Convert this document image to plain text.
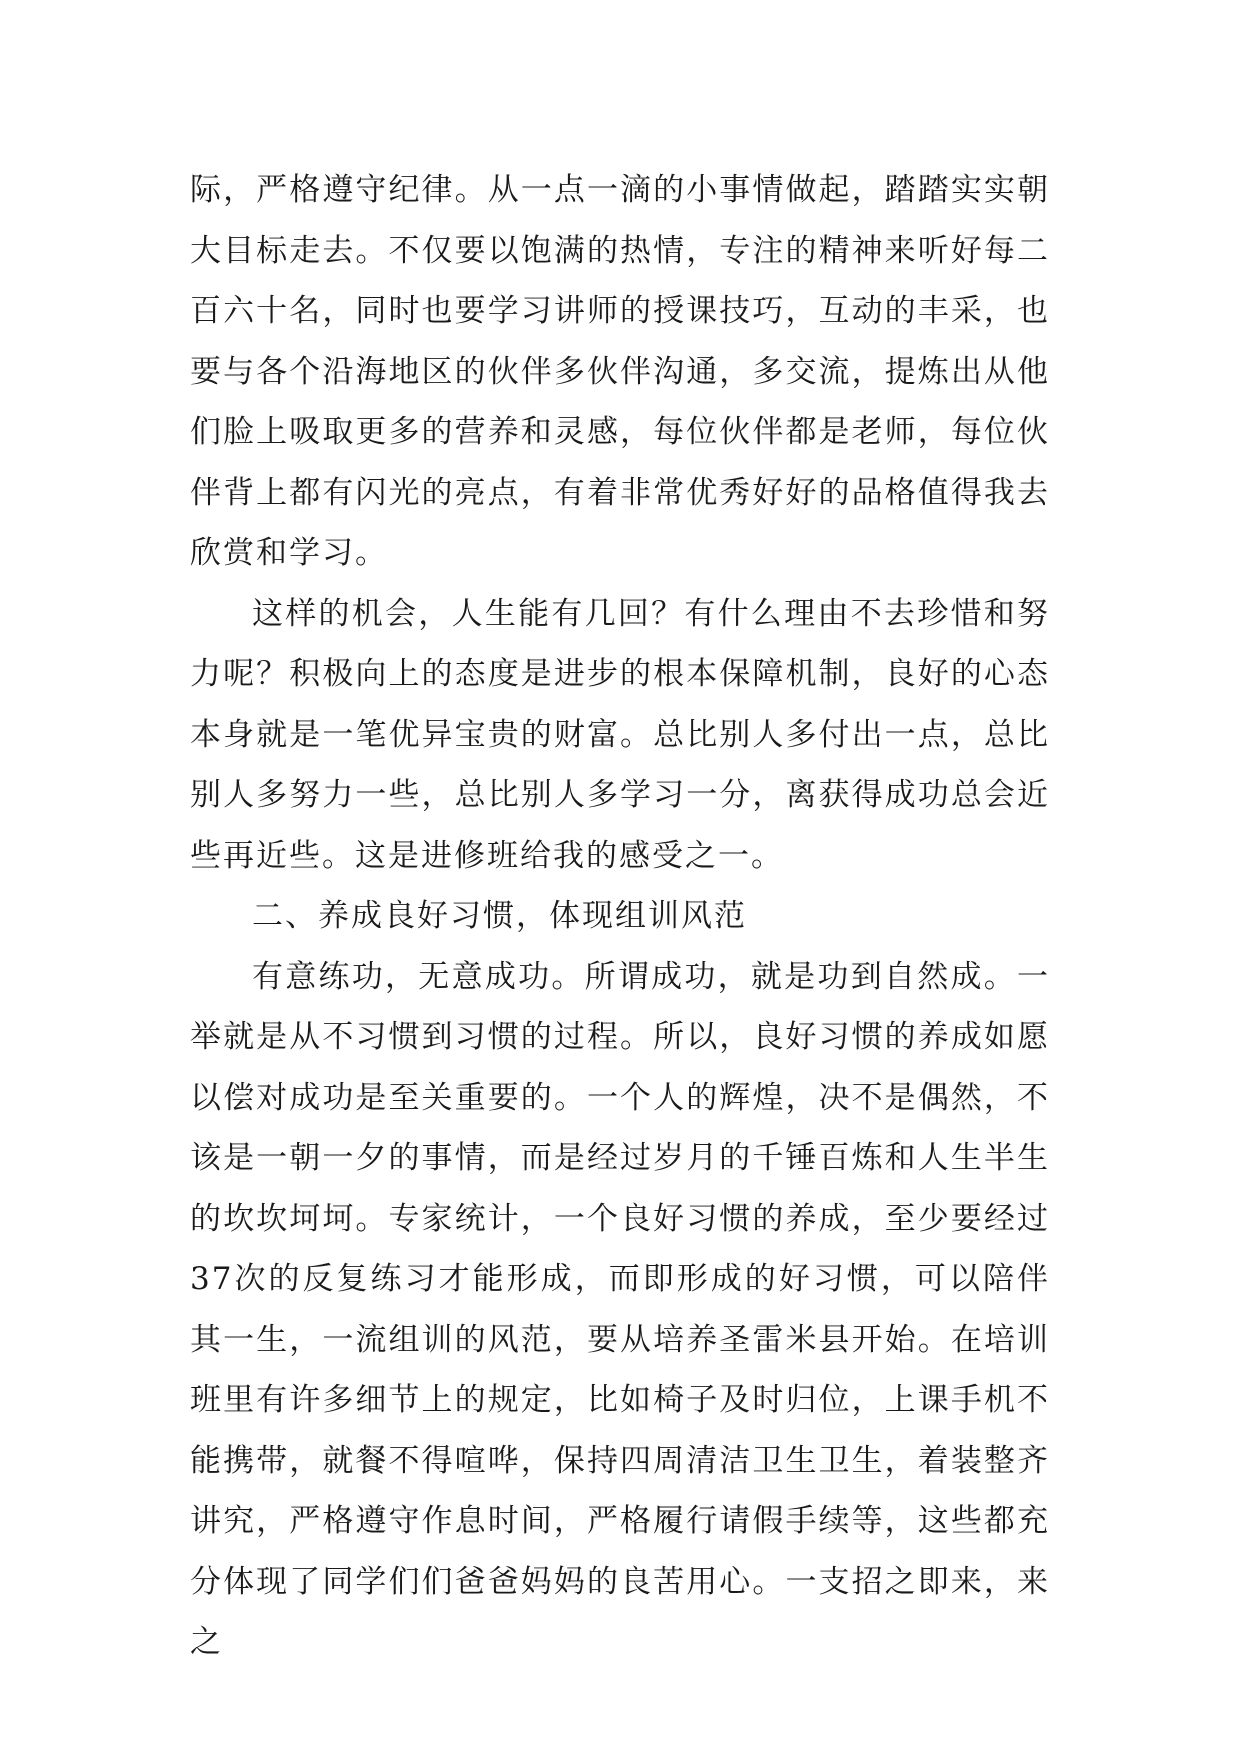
际，严格遵守纪律。从一点一滴的小事情做起，踏踏实实朝大目标走去。不仅要以饱满的热情，专注的精神来听好每二百六十名，同时也要学习讲师的授课技巧，互动的丰采，也要与各个沿海地区的伙伴多伙伴沟通，多交流，提炼出从他们脸上吸取更多的营养和灵感，每位伙伴都是老师，每位伙伴背上都有闪光的亮点，有着非常优秀好好的品格值得我去欣赏和学习。

这样的机会，人生能有几回？有什么理由不去珍惜和努力呢？积极向上的态度是进步的根本保障机制，良好的心态本身就是一笔优异宝贵的财富。总比别人多付出一点，总比别人多努力一些，总比别人多学习一分，离获得成功总会近些再近些。这是进修班给我的感受之一。

二、养成良好习惯，体现组训风范

有意练功，无意成功。所谓成功，就是功到自然成。一举就是从不习惯到习惯的过程。所以，良好习惯的养成如愿以偿对成功是至关重要的。一个人的辉煌，决不是偶然，不该是一朝一夕的事情，而是经过岁月的千锤百炼和人生半生的坎坎坷坷。专家统计，一个良好习惯的养成，至少要经过37次的反复练习才能形成，而即形成的好习惯，可以陪伴其一生，一流组训的风范，要从培养圣雷米县开始。在培训班里有许多细节上的规定，比如椅子及时归位，上课手机不能携带，就餐不得喧哗，保持四周清洁卫生卫生，着装整齐讲究，严格遵守作息时间，严格履行请假手续等，这些都充分体现了同学们们爸爸妈妈的良苦用心。一支招之即来，来之
